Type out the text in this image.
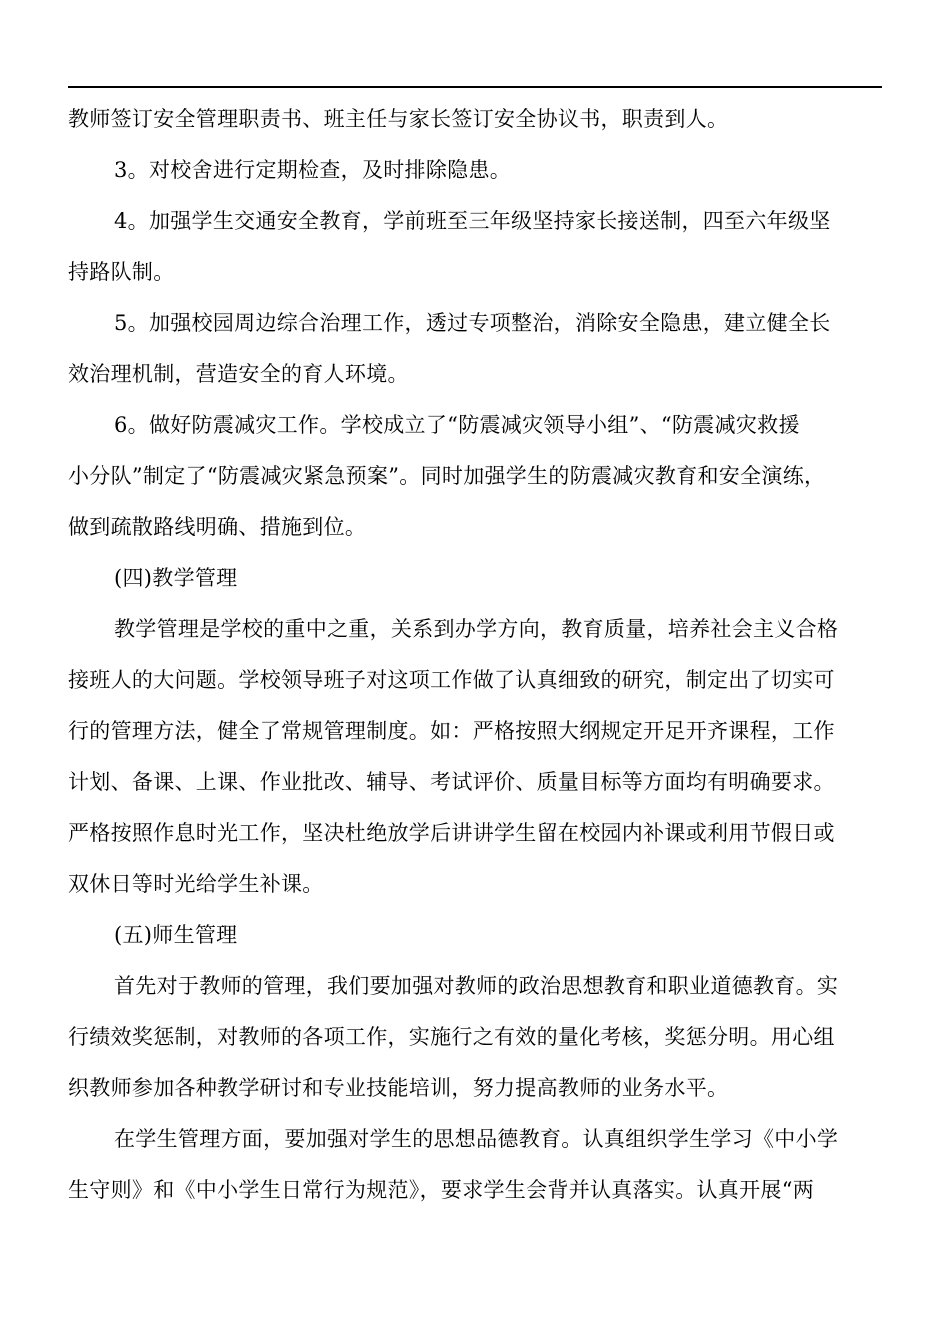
教师签订安全管理职责书、班主任与家长签订安全协议书，职责到人。
3。对校舍进行定期检查，及时排除隐患。
4。加强学生交通安全教育，学前班至三年级坚持家长接送制，四至六年级坚
持路队制。
5。加强校园周边综合治理工作，透过专项整治，消除安全隐患，建立健全长
效治理机制，营造安全的育人环境。
6。做好防震减灾工作。学校成立了“防震减灾领导小组”、“防震减灾救援
小分队”制定了“防震减灾紧急预案”。同时加强学生的防震减灾教育和安全演练，
做到疏散路线明确、措施到位。
(四)教学管理
教学管理是学校的重中之重，关系到办学方向，教育质量，培养社会主义合格
接班人的大问题。学校领导班子对这项工作做了认真细致的研究，制定出了切实可
行的管理方法，健全了常规管理制度。如：严格按照大纲规定开足开齐课程，工作
计划、备课、上课、作业批改、辅导、考试评价、质量目标等方面均有明确要求。
严格按照作息时光工作，坚决杜绝放学后讲讲学生留在校园内补课或利用节假日或
双休日等时光给学生补课。
(五)师生管理
首先对于教师的管理，我们要加强对教师的政治思想教育和职业道德教育。实
行绩效奖惩制，对教师的各项工作，实施行之有效的量化考核，奖惩分明。用心组
织教师参加各种教学研讨和专业技能培训，努力提高教师的业务水平。
在学生管理方面，要加强对学生的思想品德教育。认真组织学生学习《中小学
生守则》和《中小学生日常行为规范》，要求学生会背并认真落实。认真开展“两
